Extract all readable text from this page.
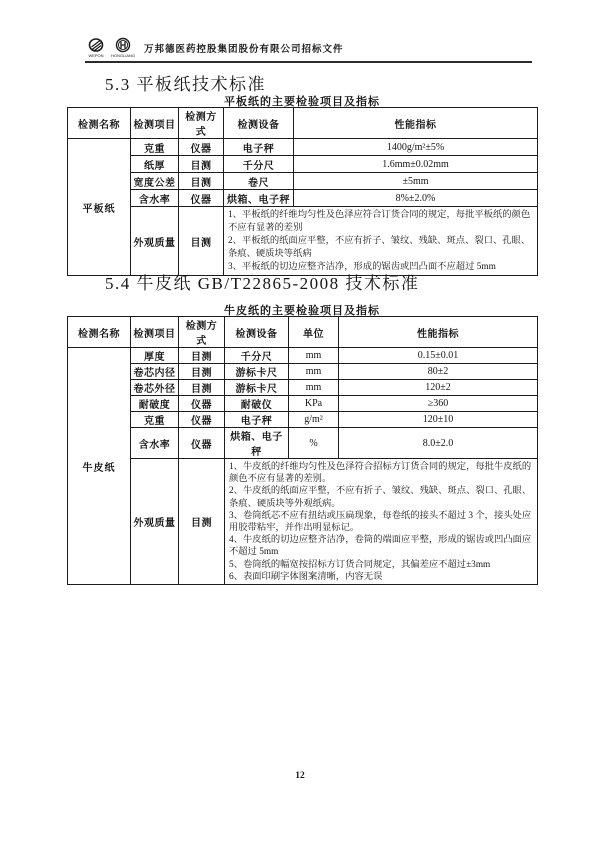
WEPON HONGLIANG
万邦德医药控股集团股份有限公司招标文件
5.3 平板纸技术标准
平板纸的主要检验项目及指标
检测名称	检测项目	检测方式	检测设备	性能指标
平板纸	克重	仪器	电子秤	1400g/m²±5%
	纸厚	目测	千分尺	1.6mm±0.02mm
	宽度公差	目测	卷尺	±5mm
	含水率	仪器	烘箱、电子秤	8%±2.0%
	外观质量	目测	1、平板纸的纤维均匀性及色泽应符合订货合同的规定，每批平板纸的颜色不应有显著的差别
2、平板纸的纸面应平整，不应有折子、皱纹、残缺、斑点、裂口、孔眼、条痕、硬质块等纸病
3、平板纸的切边应整齐洁净，形成的锯齿或凹凸面不应超过 5mm	
5.4 牛皮纸 GB/T22865-2008 技术标准
牛皮纸的主要检验项目及指标
检测名称	检测项目	检测方式	检测设备	单位	性能指标
牛皮纸	厚度	目测	千分尺	mm	0.15±0.01
	卷芯内径	目测	游标卡尺	mm	80±2
	卷芯外径	目测	游标卡尺	mm	120±2
	耐破度	仪器	耐破仪	KPa	≥360
	克重	仪器	电子秤	g/m²	120±10
	含水率	仪器	烘箱、电子秤	%	8.0±2.0
外观质量	目测	
1、牛皮纸的纤维均匀性及色泽符合招标方订货合同的规定，每批牛皮纸的颜色不应有显著的差别。
2、牛皮纸的纸面应平整，不应有折子、皱纹、残缺、斑点、裂口、孔眼、条痕、硬质块等外观纸病。
3、卷筒纸芯不应有扭结或压扁现象，每卷纸的接头不超过 3 个，接头处应用胶带粘牢，并作出明显标记。
4、牛皮纸的切边应整齐洁净，卷筒的端面应平整，形成的锯齿或凹凸面应不超过 5mm
5、卷筒纸的幅宽按招标方订货合同规定，其偏差应不超过±3mm
6、表面印刷字体图案清晰，内容无误
12
